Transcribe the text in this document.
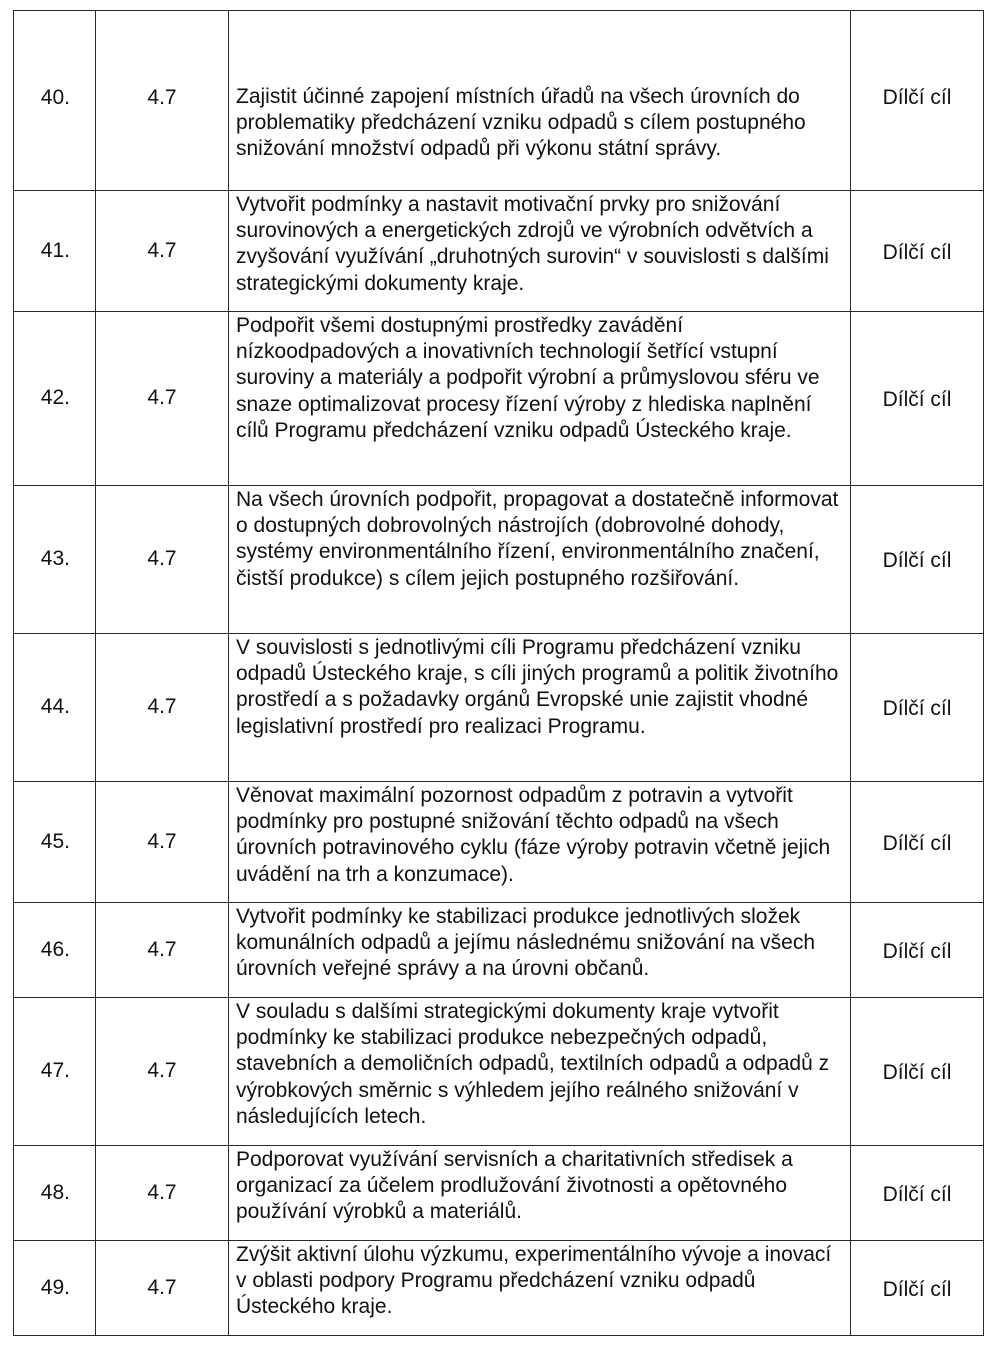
40.	4.7	Zajistit účinné zapojení místních úřadů na všech úrovních do problematiky předcházení vzniku odpadů s cílem postupného snižování množství odpadů při výkonu státní správy.	Dílčí cíl
41.	4.7	Vytvořit podmínky a nastavit motivační prvky pro snižování surovinových a energetických zdrojů ve výrobních odvětvích a zvyšování využívání „druhotných surovin“ v souvislosti s dalšími strategickými dokumenty kraje.	Dílčí cíl
42.	4.7	Podpořit všemi dostupnými prostředky zavádění nízkoodpadových a inovativních technologií šetřící vstupní suroviny a materiály a podpořit výrobní a průmyslovou sféru ve snaze optimalizovat procesy řízení výroby z hlediska naplnění cílů Programu předcházení vzniku odpadů Ústeckého kraje.	Dílčí cíl
43.	4.7	Na všech úrovních podpořit, propagovat a dostatečně informovat o dostupných dobrovolných nástrojích (dobrovolné dohody, systémy environmentálního řízení, environmentálního značení, čistší produkce) s cílem jejich postupného rozšiřování.	Dílčí cíl
44.	4.7	V souvislosti s jednotlivými cíli Programu předcházení vzniku odpadů Ústeckého kraje, s cíli jiných programů a politik životního prostředí a s požadavky orgánů Evropské unie zajistit vhodné legislativní prostředí pro realizaci Programu.	Dílčí cíl
45.	4.7	Věnovat maximální pozornost odpadům z potravin a vytvořit podmínky pro postupné snižování těchto odpadů na všech úrovních potravinového cyklu (fáze výroby potravin včetně jejich uvádění na trh a konzumace).	Dílčí cíl
46.	4.7	Vytvořit podmínky ke stabilizaci produkce jednotlivých složek komunálních odpadů a jejímu následnému snižování na všech úrovních veřejné správy a na úrovni občanů.	Dílčí cíl
47.	4.7	V souladu s dalšími strategickými dokumenty kraje vytvořit podmínky ke stabilizaci produkce nebezpečných odpadů, stavebních a demoličních odpadů, textilních odpadů a odpadů z výrobkových směrnic s výhledem jejího reálného snižování v následujících letech.	Dílčí cíl
48.	4.7	Podporovat využívání servisních a charitativních středisek a organizací za účelem prodlužování životnosti a opětovného používání výrobků a materiálů.	Dílčí cíl
49.	4.7	Zvýšit aktivní úlohu výzkumu, experimentálního vývoje a inovací v oblasti podpory Programu předcházení vzniku odpadů Ústeckého kraje.	Dílčí cíl
